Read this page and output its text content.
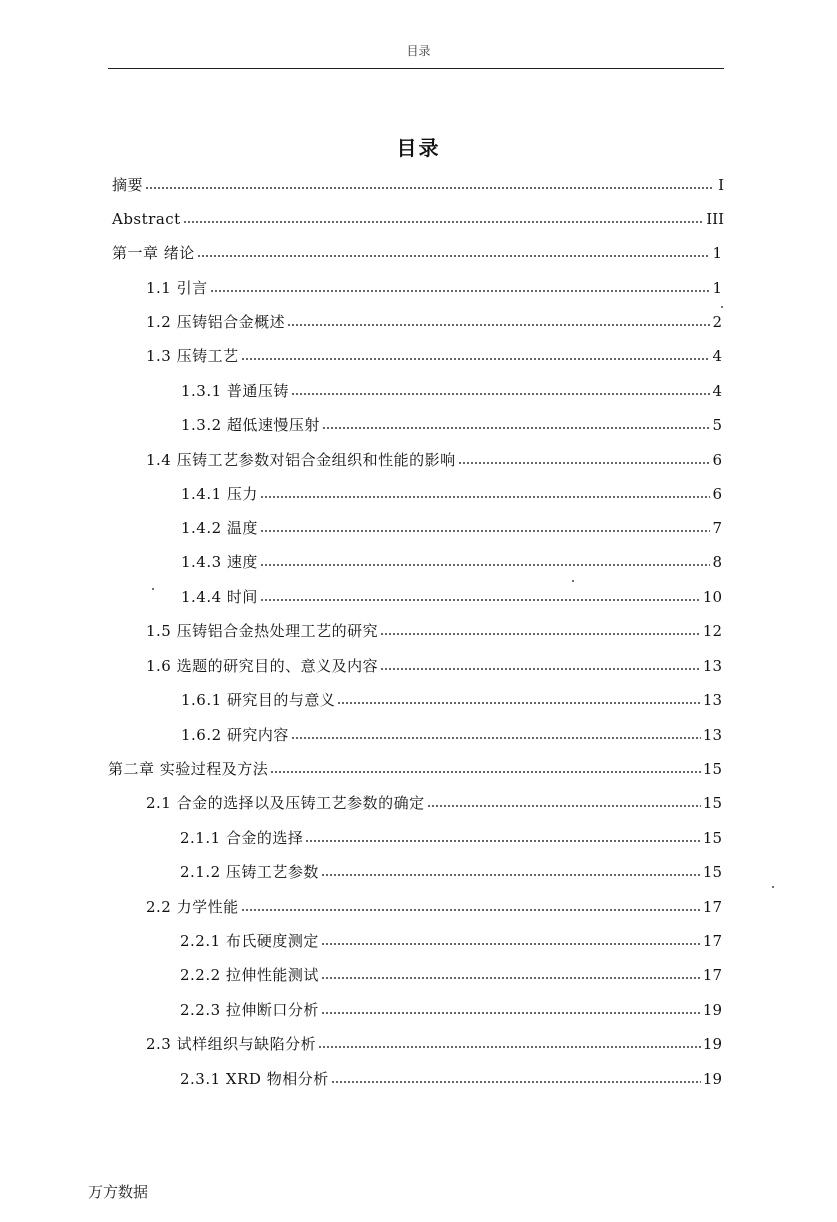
目录
目录
摘要	I
Abstract	III
第一章 绪论	1
1.1 引言	1
1.2 压铸铝合金概述	2
1.3 压铸工艺	4
1.3.1 普通压铸	4
1.3.2 超低速慢压射	5
1.4 压铸工艺参数对铝合金组织和性能的影响	6
1.4.1 压力	6
1.4.2 温度	7
1.4.3 速度	8
1.4.4 时间	10
1.5 压铸铝合金热处理工艺的研究	12
1.6 选题的研究目的、意义及内容	13
1.6.1 研究目的与意义	13
1.6.2 研究内容	13
第二章 实验过程及方法	15
2.1 合金的选择以及压铸工艺参数的确定	15
2.1.1 合金的选择	15
2.1.2 压铸工艺参数	15
2.2 力学性能	17
2.2.1 布氏硬度测定	17
2.2.2 拉伸性能测试	17
2.2.3 拉伸断口分析	19
2.3 试样组织与缺陷分析	19
2.3.1 XRD 物相分析	19
万方数据
